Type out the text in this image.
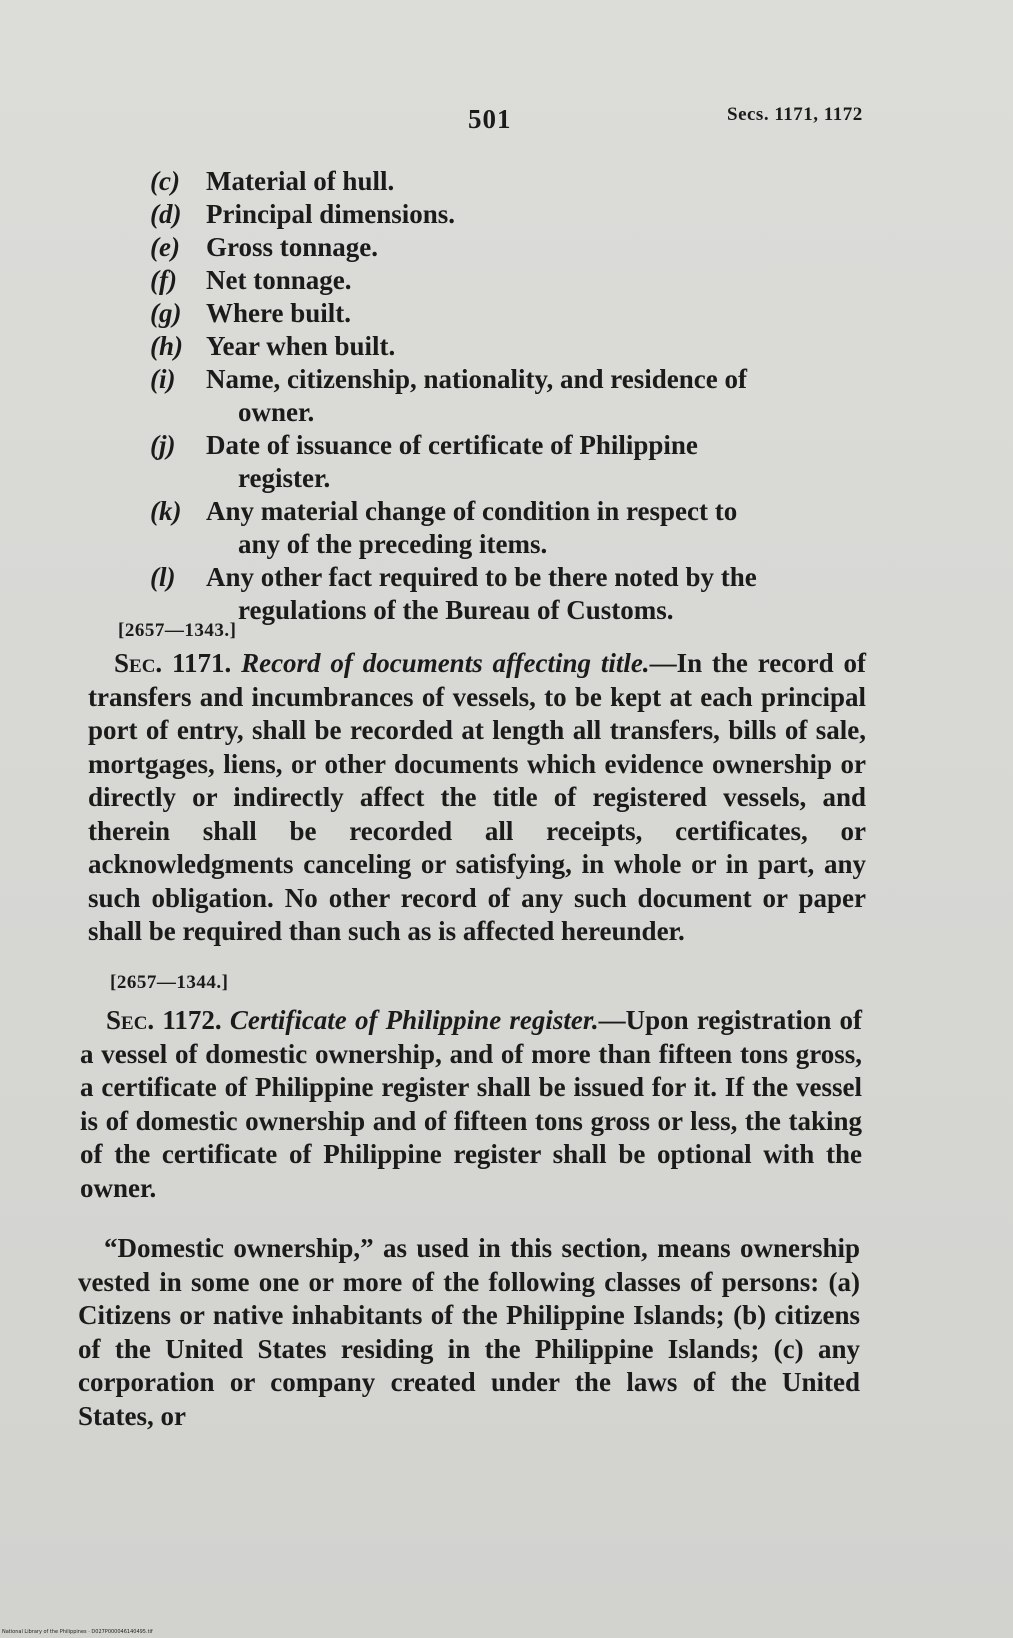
501	Secs. 1171, 1172
(c) Material of hull.
(d) Principal dimensions.
(e) Gross tonnage.
(f)	Net tonnage.
(g) Where built.
(h) Year when built.
(i)	Name, citizenship, nationality, and residence of
owner.
(j)	Date of issuance of certificate of Philippine
register.
(k) Any material change of condition in respect to
any of the preceding items.
(l)	Any other fact required to be there noted by the
regulations of the Bureau of Customs.
[2657—1343.]
Sec. 1171. Record of documents affecting title.—In the record of transfers and incumbrances of vessels, to be kept at each principal port of entry, shall be recorded at length all transfers, bills of sale, mortgages, liens, or other documents which evidence ownership or directly or indirectly affect the title of registered vessels, and therein shall be recorded all receipts, certificates, or acknowledgments canceling or satisfying, in whole or in part, any such obligation. No other record of any such document or paper shall be required than such as is affected hereunder.
[2657—1344.]
Sec. 1172. Certificate of Philippine register.—Upon registration of a vessel of domestic ownership, and of more than fifteen tons gross, a certificate of Philippine register shall be issued for it. If the vessel is of domestic ownership and of fifteen tons gross or less, the taking of the certificate of Philippine register shall be optional with the owner.
“Domestic ownership,” as used in this section, means ownership vested in some one or more of the following classes of persons: (a) Citizens or native inhabitants of the Philippine Islands; (b) citizens of the United States residing in the Philippine Islands; (c) any corporation or company created under the laws of the United States, or
National Library of the Philippines · D027P000046140495.tif
